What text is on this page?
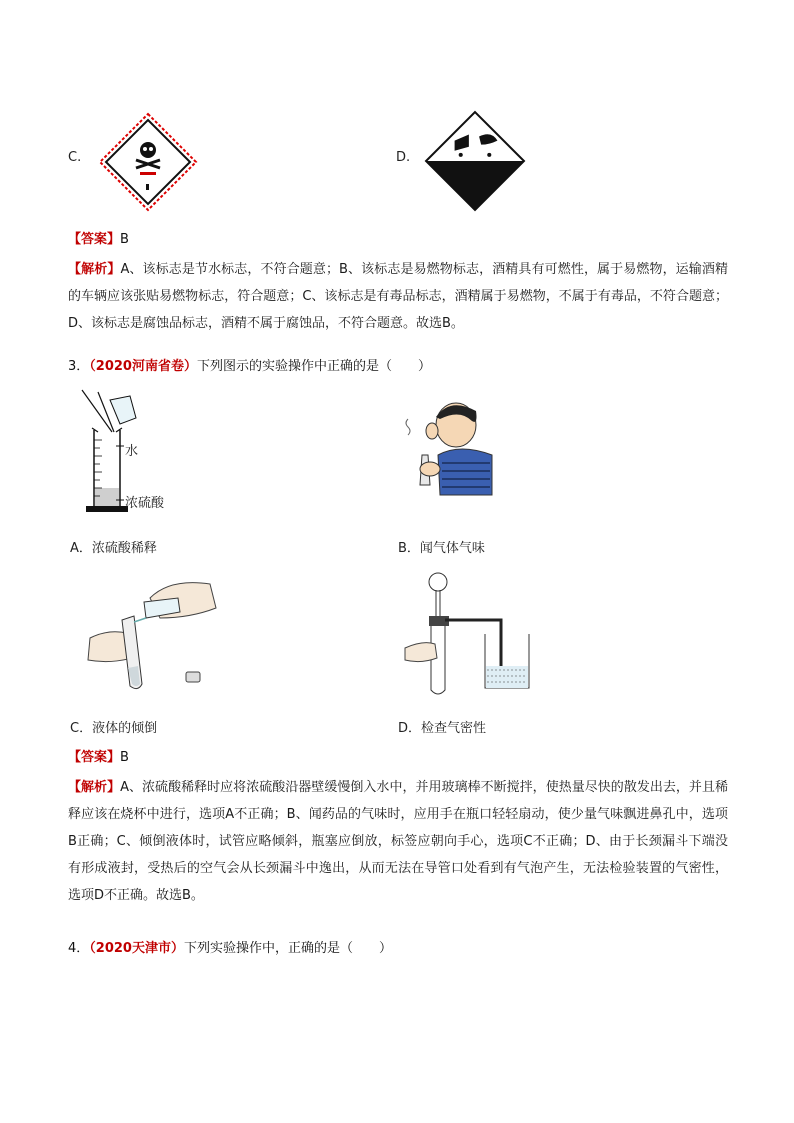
C.	D.
【答案】B

【解析】A、该标志是节水标志，不符合题意；B、该标志是易燃物标志，酒精具有可燃性，属于易燃物，运输酒精的车辆应该张贴易燃物标志，符合题意；C、该标志是有毒品标志，酒精属于易燃物，不属于有毒品，不符合题意；D、该标志是腐蚀品标志，酒精不属于腐蚀品，不符合题意。故选B。

3．（2020河南省卷）下列图示的实验操作中正确的是（　　）
水
浓硫酸
A．浓硫酸稀释	B．闻气体气味
C．液体的倾倒	D．检查气密性
【答案】B

【解析】A、浓硫酸稀释时应将浓硫酸沿器壁缓慢倒入水中，并用玻璃棒不断搅拌，使热量尽快的散发出去，并且稀释应该在烧杯中进行，选项A不正确；B、闻药品的气味时，应用手在瓶口轻轻扇动，使少量气味飘进鼻孔中，选项B正确；C、倾倒液体时，试管应略倾斜，瓶塞应倒放，标签应朝向手心，选项C不正确；D、由于长颈漏斗下端没有形成液封，受热后的空气会从长颈漏斗中逸出，从而无法在导管口处看到有气泡产生，无法检验装置的气密性，选项D不正确。故选B。

4．（2020天津市）下列实验操作中，正确的是（　　）
